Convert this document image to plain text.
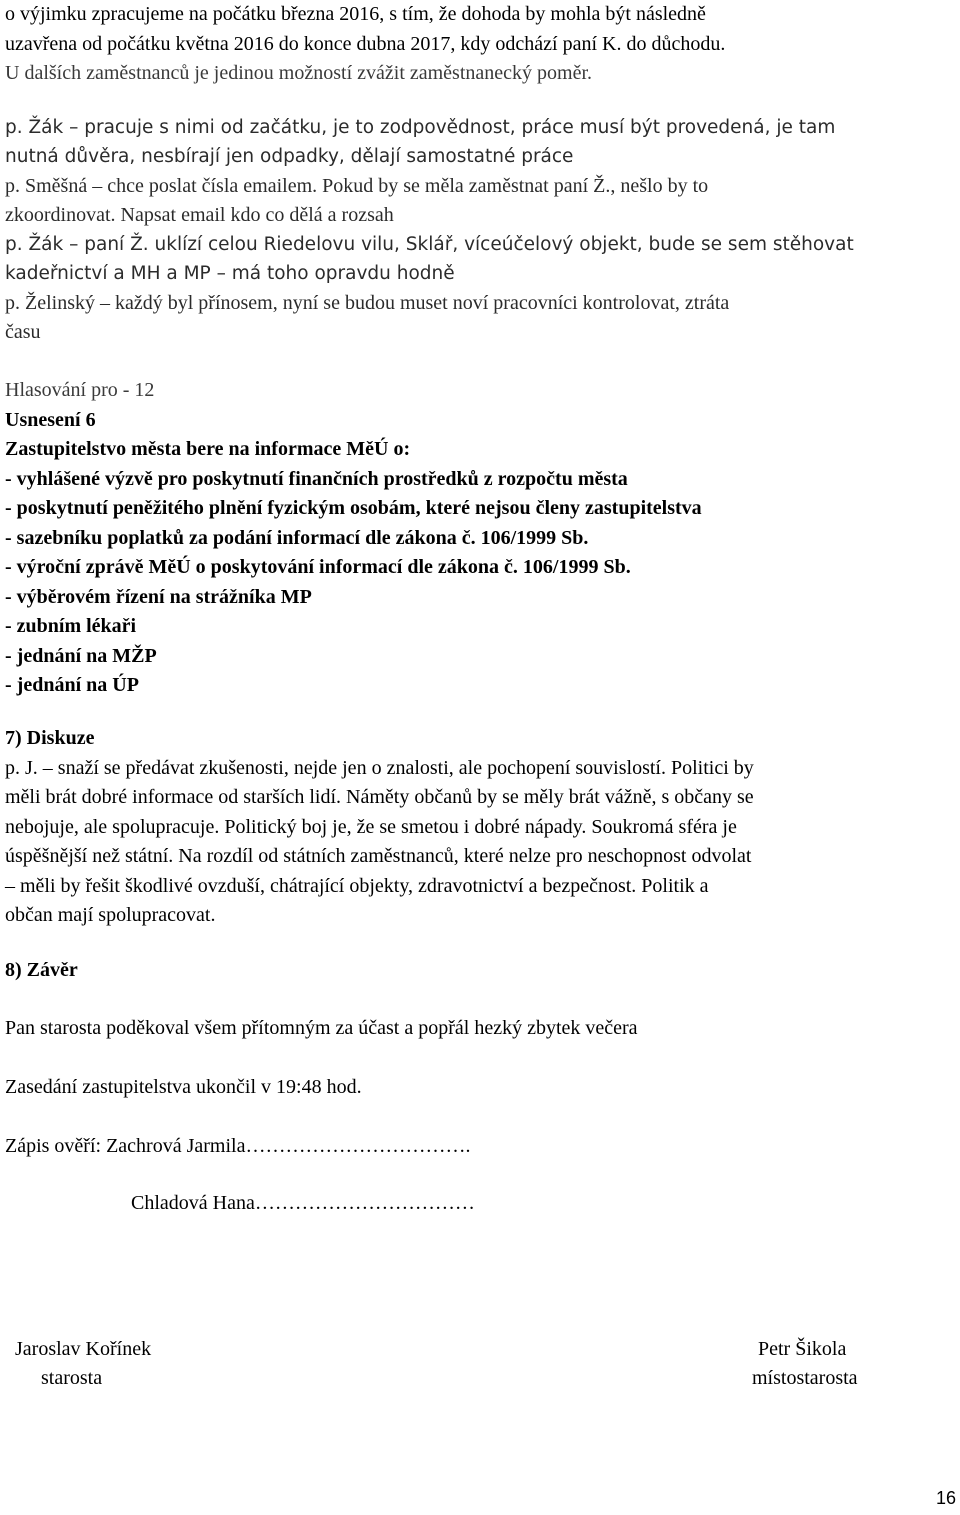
o výjimku zpracujeme na počátku března 2016, s tím, že dohoda by mohla být následně

uzavřena od počátku května 2016 do konce dubna 2017, kdy odchází paní K. do důchodu.

U dalších zaměstnanců je jedinou možností zvážit zaměstnanecký poměr.

p. Žák – pracuje s nimi od začátku, je to zodpovědnost, práce musí být provedená, je tam

nutná důvěra, nesbírají jen odpadky, dělají samostatné práce

p. Směšná – chce poslat čísla emailem. Pokud by se měla zaměstnat paní Ž., nešlo by to

zkoordinovat. Napsat email kdo co dělá a rozsah

p. Žák – paní Ž. uklízí celou Riedelovu vilu, Sklář, víceúčelový objekt, bude se sem stěhovat

kadeřnictví a MH a MP – má toho opravdu hodně

p. Želinský – každý byl přínosem, nyní se budou muset noví pracovníci kontrolovat, ztráta

času

Hlasování pro - 12

Usnesení 6

Zastupitelstvo města bere na informace MěÚ o:

- vyhlášené výzvě pro poskytnutí finančních prostředků z rozpočtu města

- poskytnutí peněžitého plnění fyzickým osobám, které nejsou členy zastupitelstva

- sazebníku poplatků za podání informací dle zákona č. 106/1999 Sb.

- výroční zprávě MěÚ o poskytování informací dle zákona č. 106/1999 Sb.

- výběrovém řízení na strážníka MP

- zubním lékaři

- jednání na MŽP

- jednání na ÚP

7) Diskuze

p. J. – snaží se předávat zkušenosti, nejde jen o znalosti, ale pochopení souvislostí. Politici by

měli brát dobré informace od starších lidí. Náměty občanů by se měly brát vážně, s občany se

nebojuje, ale spolupracuje. Politický boj je, že se smetou i dobré nápady. Soukromá sféra je

úspěšnější než státní. Na rozdíl od státních zaměstnanců, které nelze pro neschopnost odvolat

– měli by řešit škodlivé ovzduší, chátrající objekty, zdravotnictví a bezpečnost. Politik a

občan mají spolupracovat.

8) Závěr

Pan starosta poděkoval všem přítomným za účast a popřál hezký zbytek večera

Zasedání zastupitelstva ukončil v 19:48 hod.

Zápis ověří: Zachrová Jarmila…………………………….

Chladová Hana……………………………

Jaroslav Kořínek
starosta
Petr Šikola
místostarosta
16
